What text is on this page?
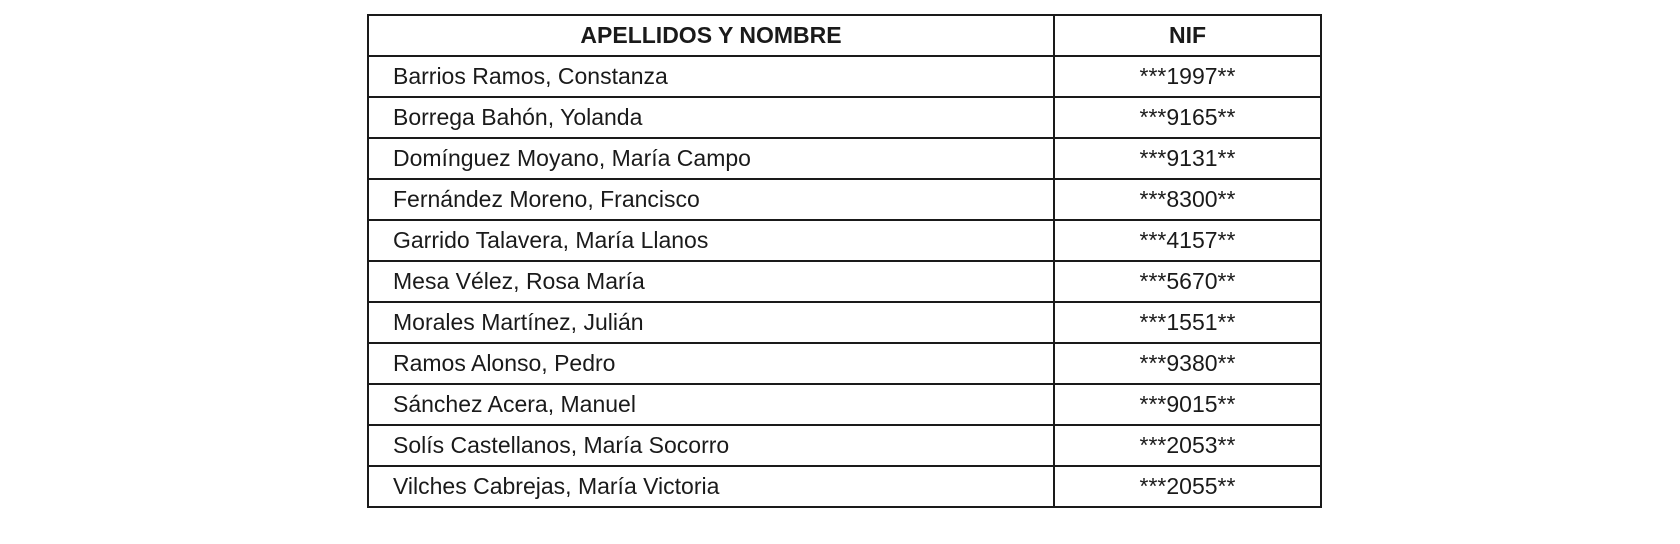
APELLIDOS Y NOMBRE	NIF
Barrios Ramos, Constanza	***1997**
Borrega Bahón, Yolanda	***9165**
Domínguez Moyano, María Campo	***9131**
Fernández Moreno, Francisco	***8300**
Garrido Talavera, María Llanos	***4157**
Mesa Vélez, Rosa María	***5670**
Morales Martínez, Julián	***1551**
Ramos Alonso, Pedro	***9380**
Sánchez Acera, Manuel	***9015**
Solís Castellanos, María Socorro	***2053**
Vilches Cabrejas, María Victoria	***2055**
